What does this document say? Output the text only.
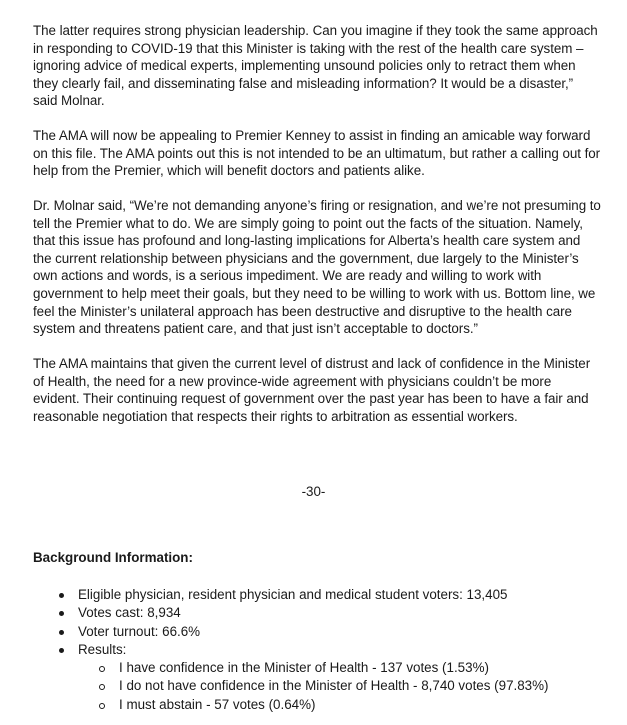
The latter requires strong physician leadership. Can you imagine if they took the same approach in responding to COVID-19 that this Minister is taking with the rest of the health care system – ignoring advice of medical experts, implementing unsound policies only to retract them when they clearly fail, and disseminating false and misleading information? It would be a disaster,” said Molnar.

The AMA will now be appealing to Premier Kenney to assist in finding an amicable way forward on this file. The AMA points out this is not intended to be an ultimatum, but rather a calling out for help from the Premier, which will benefit doctors and patients alike.

Dr. Molnar said, “We’re not demanding anyone’s firing or resignation, and we’re not presuming to tell the Premier what to do. We are simply going to point out the facts of the situation. Namely, that this issue has profound and long-lasting implications for Alberta’s health care system and the current relationship between physicians and the government, due largely to the Minister’s own actions and words, is a serious impediment. We are ready and willing to work with government to help meet their goals, but they need to be willing to work with us. Bottom line, we feel the Minister’s unilateral approach has been destructive and disruptive to the health care system and threatens patient care, and that just isn’t acceptable to doctors.”

The AMA maintains that given the current level of distrust and lack of confidence in the Minister of Health, the need for a new province-wide agreement with physicians couldn’t be more evident. Their continuing request of government over the past year has been to have a fair and reasonable negotiation that respects their rights to arbitration as essential workers.

-30-

Background Information:

Eligible physician, resident physician and medical student voters: 13,405
Votes cast: 8,934
Voter turnout: 66.6%
Results:
I have confidence in the Minister of Health - 137 votes (1.53%)
I do not have confidence in the Minister of Health - 8,740 votes (97.83%)
I must abstain - 57 votes (0.64%)
